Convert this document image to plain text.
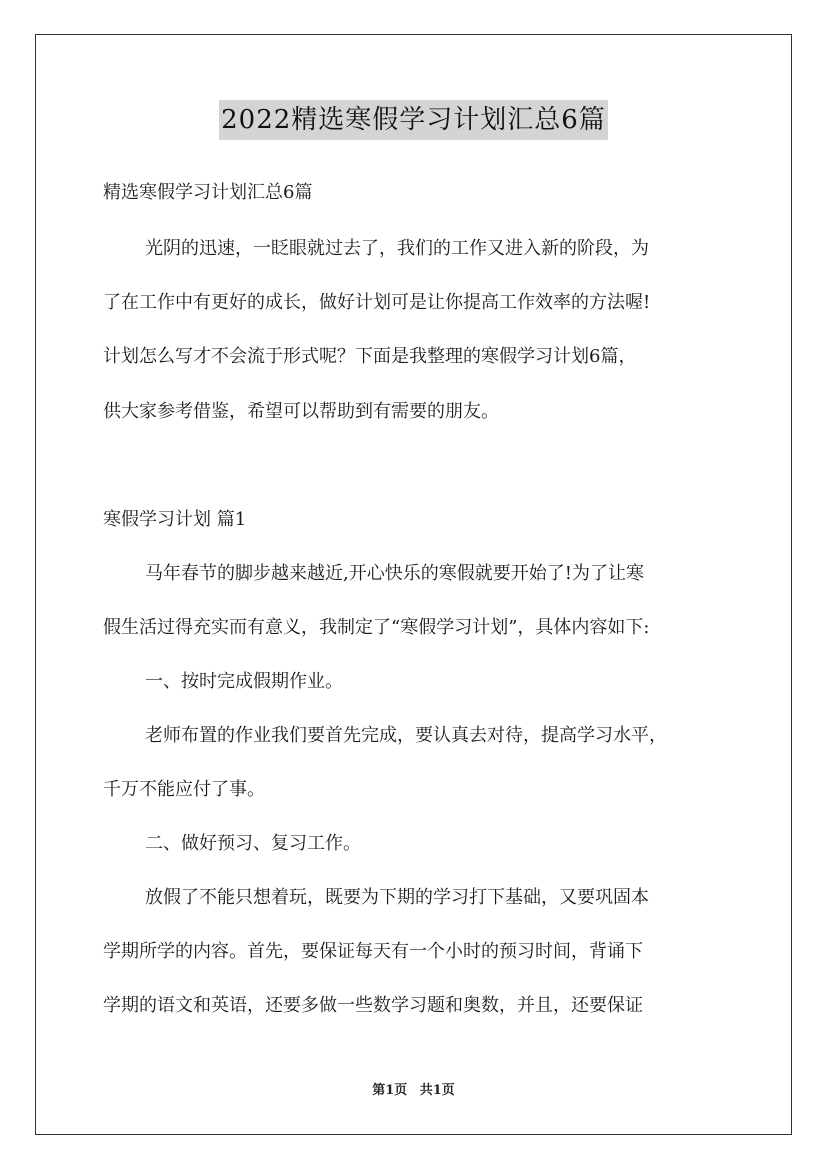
2022精选寒假学习计划汇总6篇
精选寒假学习计划汇总6篇
光阴的迅速，一眨眼就过去了，我们的工作又进入新的阶段，为
了在工作中有更好的成长，做好计划可是让你提高工作效率的方法喔!
计划怎么写才不会流于形式呢？下面是我整理的寒假学习计划6篇，
供大家参考借鉴，希望可以帮助到有需要的朋友。
寒假学习计划 篇1
马年春节的脚步越来越近,开心快乐的寒假就要开始了!为了让寒
假生活过得充实而有意义，我制定了“寒假学习计划”，具体内容如下:
一、按时完成假期作业。
老师布置的作业我们要首先完成，要认真去对待，提高学习水平，
千万不能应付了事。
二、做好预习、复习工作。
放假了不能只想着玩，既要为下期的学习打下基础，又要巩固本
学期所学的内容。首先，要保证每天有一个小时的预习时间，背诵下
学期的语文和英语，还要多做一些数学习题和奥数，并且，还要保证
第1页 共1页
